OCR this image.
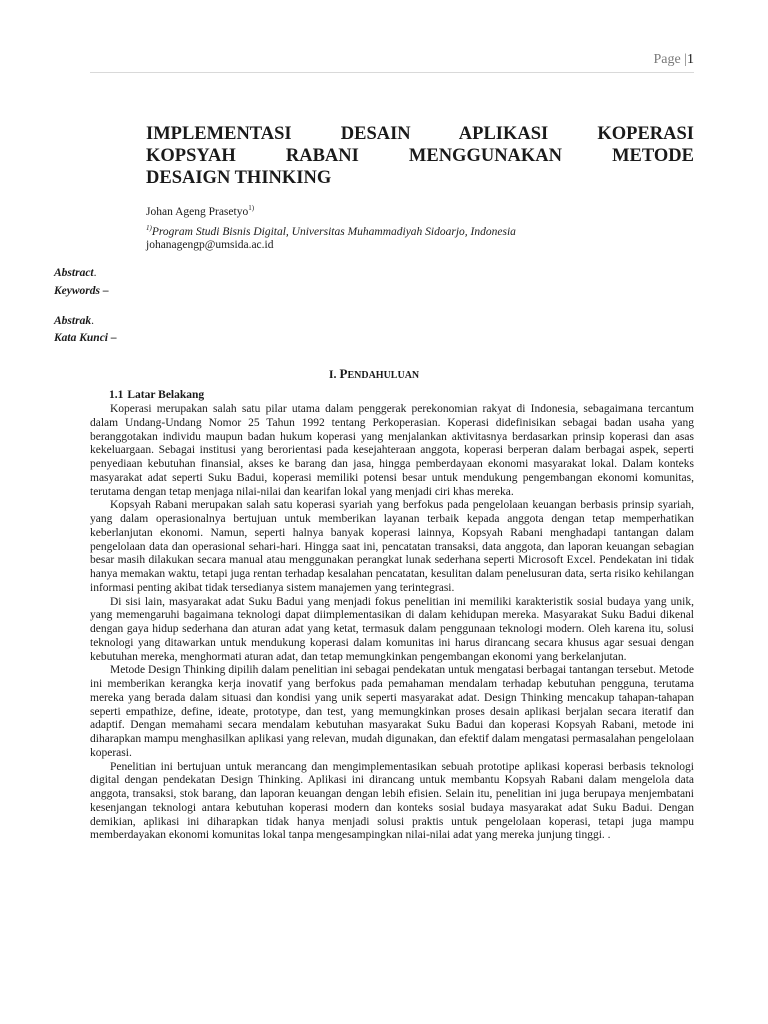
Page |1
IMPLEMENTASI DESAIN APLIKASI KOPERASI
KOPSYAH RABANI MENGGUNAKAN METODE
DESAIGN THINKING
Johan Ageng Prasetyo$^{1)}$
$^{1)}$Program Studi Bisnis Digital, Universitas Muhammadiyah Sidoarjo, Indonesia
johanagengp@umsida.ac.id
Abstract.
Keywords –
Abstrak.
Kata Kunci –
I. PENDAHULUAN
1.1 Latar Belakang

Koperasi merupakan salah satu pilar utama dalam penggerak perekonomian rakyat di Indonesia, sebagaimana tercantum dalam Undang-Undang Nomor 25 Tahun 1992 tentang Perkoperasian. Koperasi didefinisikan sebagai badan usaha yang beranggotakan individu maupun badan hukum koperasi yang menjalankan aktivitasnya berdasarkan prinsip koperasi dan asas kekeluargaan. Sebagai institusi yang berorientasi pada kesejahteraan anggota, koperasi berperan dalam berbagai aspek, seperti penyediaan kebutuhan finansial, akses ke barang dan jasa, hingga pemberdayaan ekonomi masyarakat lokal. Dalam konteks masyarakat adat seperti Suku Badui, koperasi memiliki potensi besar untuk mendukung pengembangan ekonomi komunitas, terutama dengan tetap menjaga nilai-nilai dan kearifan lokal yang menjadi ciri khas mereka.

Kopsyah Rabani merupakan salah satu koperasi syariah yang berfokus pada pengelolaan keuangan berbasis prinsip syariah, yang dalam operasionalnya bertujuan untuk memberikan layanan terbaik kepada anggota dengan tetap memperhatikan keberlanjutan ekonomi. Namun, seperti halnya banyak koperasi lainnya, Kopsyah Rabani menghadapi tantangan dalam pengelolaan data dan operasional sehari-hari. Hingga saat ini, pencatatan transaksi, data anggota, dan laporan keuangan sebagian besar masih dilakukan secara manual atau menggunakan perangkat lunak sederhana seperti Microsoft Excel. Pendekatan ini tidak hanya memakan waktu, tetapi juga rentan terhadap kesalahan pencatatan, kesulitan dalam penelusuran data, serta risiko kehilangan informasi penting akibat tidak tersedianya sistem manajemen yang terintegrasi.

Di sisi lain, masyarakat adat Suku Badui yang menjadi fokus penelitian ini memiliki karakteristik sosial budaya yang unik, yang memengaruhi bagaimana teknologi dapat diimplementasikan di dalam kehidupan mereka. Masyarakat Suku Badui dikenal dengan gaya hidup sederhana dan aturan adat yang ketat, termasuk dalam penggunaan teknologi modern. Oleh karena itu, solusi teknologi yang ditawarkan untuk mendukung koperasi dalam komunitas ini harus dirancang secara khusus agar sesuai dengan kebutuhan mereka, menghormati aturan adat, dan tetap memungkinkan pengembangan ekonomi yang berkelanjutan.

Metode Design Thinking dipilih dalam penelitian ini sebagai pendekatan untuk mengatasi berbagai tantangan tersebut. Metode ini memberikan kerangka kerja inovatif yang berfokus pada pemahaman mendalam terhadap kebutuhan pengguna, terutama mereka yang berada dalam situasi dan kondisi yang unik seperti masyarakat adat. Design Thinking mencakup tahapan-tahapan seperti empathize, define, ideate, prototype, dan test, yang memungkinkan proses desain aplikasi berjalan secara iteratif dan adaptif. Dengan memahami secara mendalam kebutuhan masyarakat Suku Badui dan koperasi Kopsyah Rabani, metode ini diharapkan mampu menghasilkan aplikasi yang relevan, mudah digunakan, dan efektif dalam mengatasi permasalahan pengelolaan koperasi.

Penelitian ini bertujuan untuk merancang dan mengimplementasikan sebuah prototipe aplikasi koperasi berbasis teknologi digital dengan pendekatan Design Thinking. Aplikasi ini dirancang untuk membantu Kopsyah Rabani dalam mengelola data anggota, transaksi, stok barang, dan laporan keuangan dengan lebih efisien. Selain itu, penelitian ini juga berupaya menjembatani kesenjangan teknologi antara kebutuhan koperasi modern dan konteks sosial budaya masyarakat adat Suku Badui. Dengan demikian, aplikasi ini diharapkan tidak hanya menjadi solusi praktis untuk pengelolaan koperasi, tetapi juga mampu memberdayakan ekonomi komunitas lokal tanpa mengesampingkan nilai-nilai adat yang mereka junjung tinggi. .
